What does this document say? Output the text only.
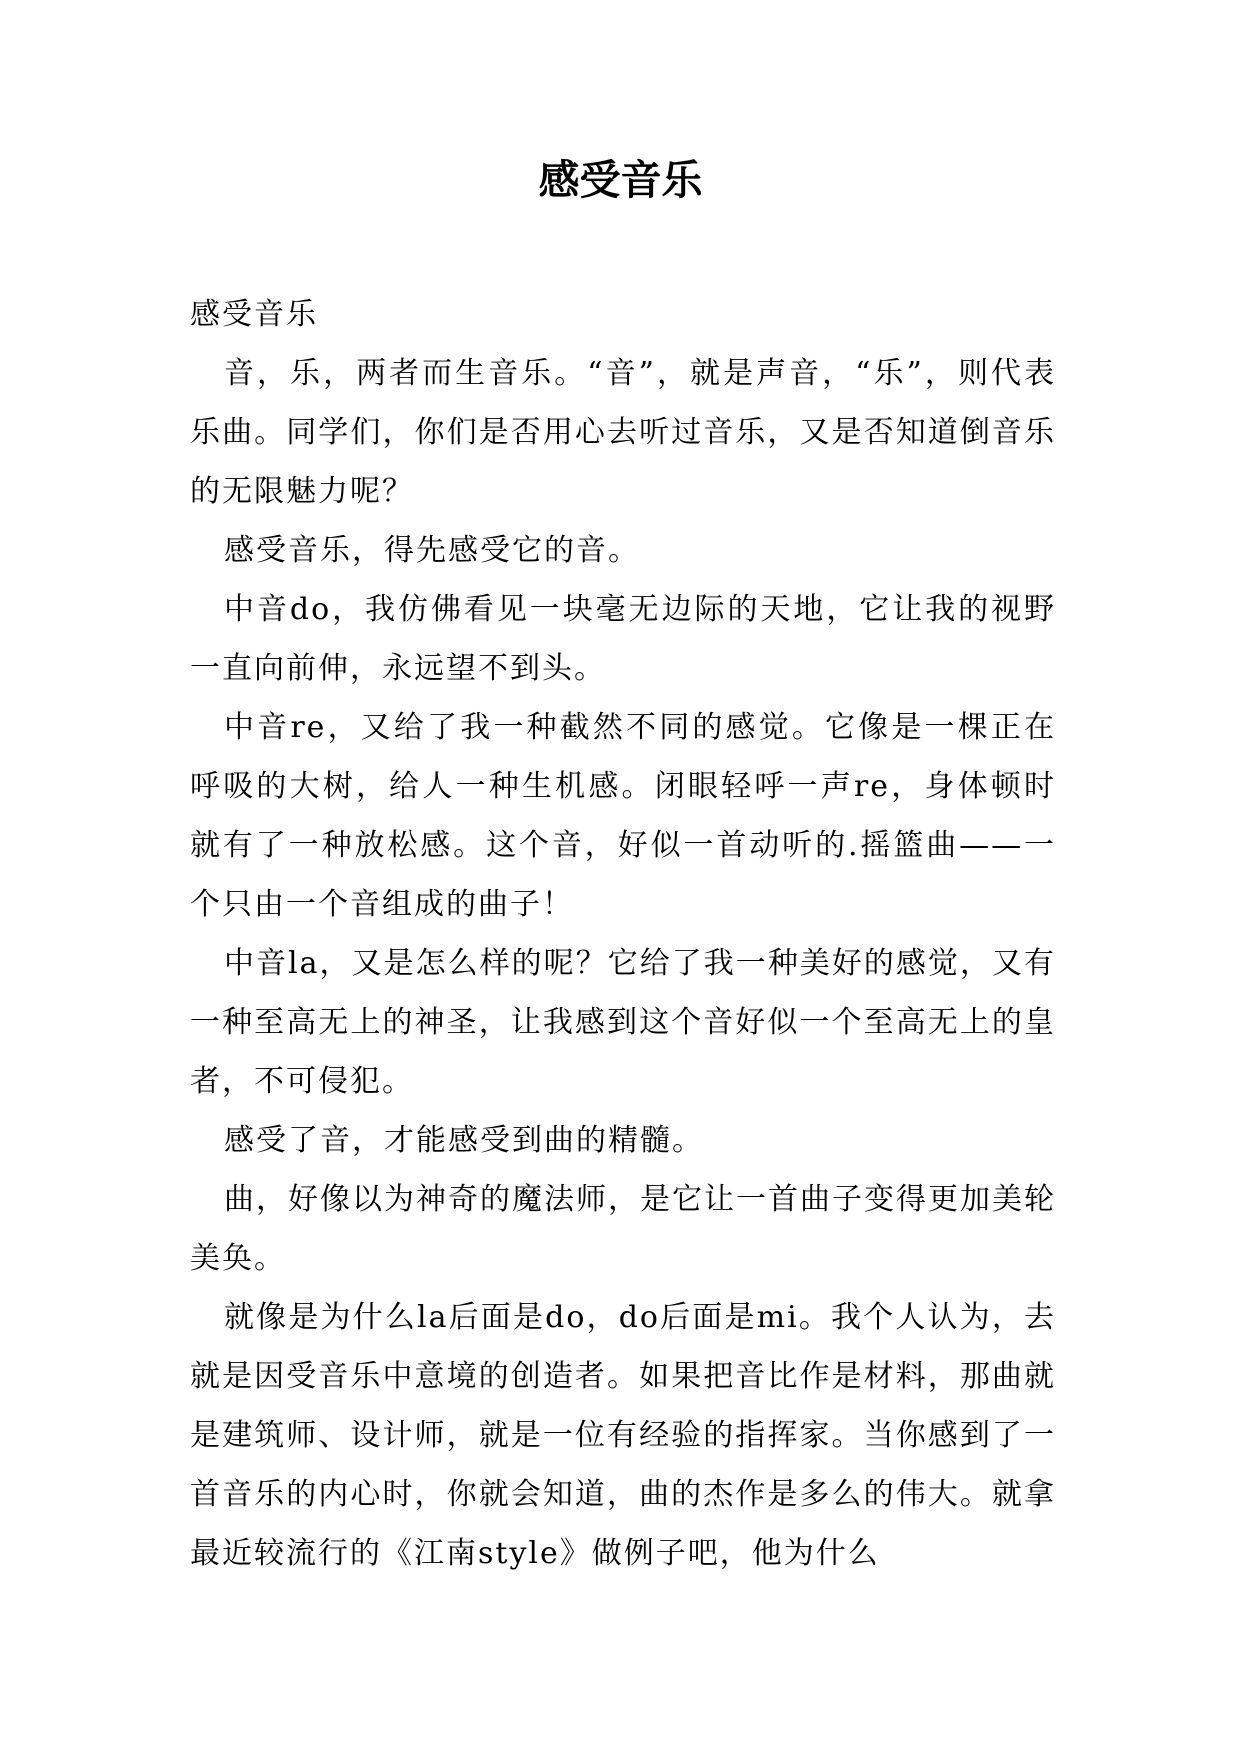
感受音乐

感受音乐

音，乐，两者而生音乐。“音”，就是声音，“乐”，则代表乐曲。同学们，你们是否用心去听过音乐，又是否知道倒音乐的无限魅力呢？

感受音乐，得先感受它的音。

中音do，我仿佛看见一块毫无边际的天地，它让我的视野一直向前伸，永远望不到头。

中音re，又给了我一种截然不同的感觉。它像是一棵正在呼吸的大树，给人一种生机感。闭眼轻呼一声re，身体顿时就有了一种放松感。这个音，好似一首动听的.摇篮曲——一个只由一个音组成的曲子！

中音la，又是怎么样的呢？它给了我一种美好的感觉，又有一种至高无上的神圣，让我感到这个音好似一个至高无上的皇者，不可侵犯。

感受了音，才能感受到曲的精髓。

曲，好像以为神奇的魔法师，是它让一首曲子变得更加美轮美奂。

就像是为什么la后面是do，do后面是mi。我个人认为，去就是因受音乐中意境的创造者。如果把音比作是材料，那曲就是建筑师、设计师，就是一位有经验的指挥家。当你感到了一首音乐的内心时，你就会知道，曲的杰作是多么的伟大。就拿最近较流行的《江南style》做例子吧，他为什么
